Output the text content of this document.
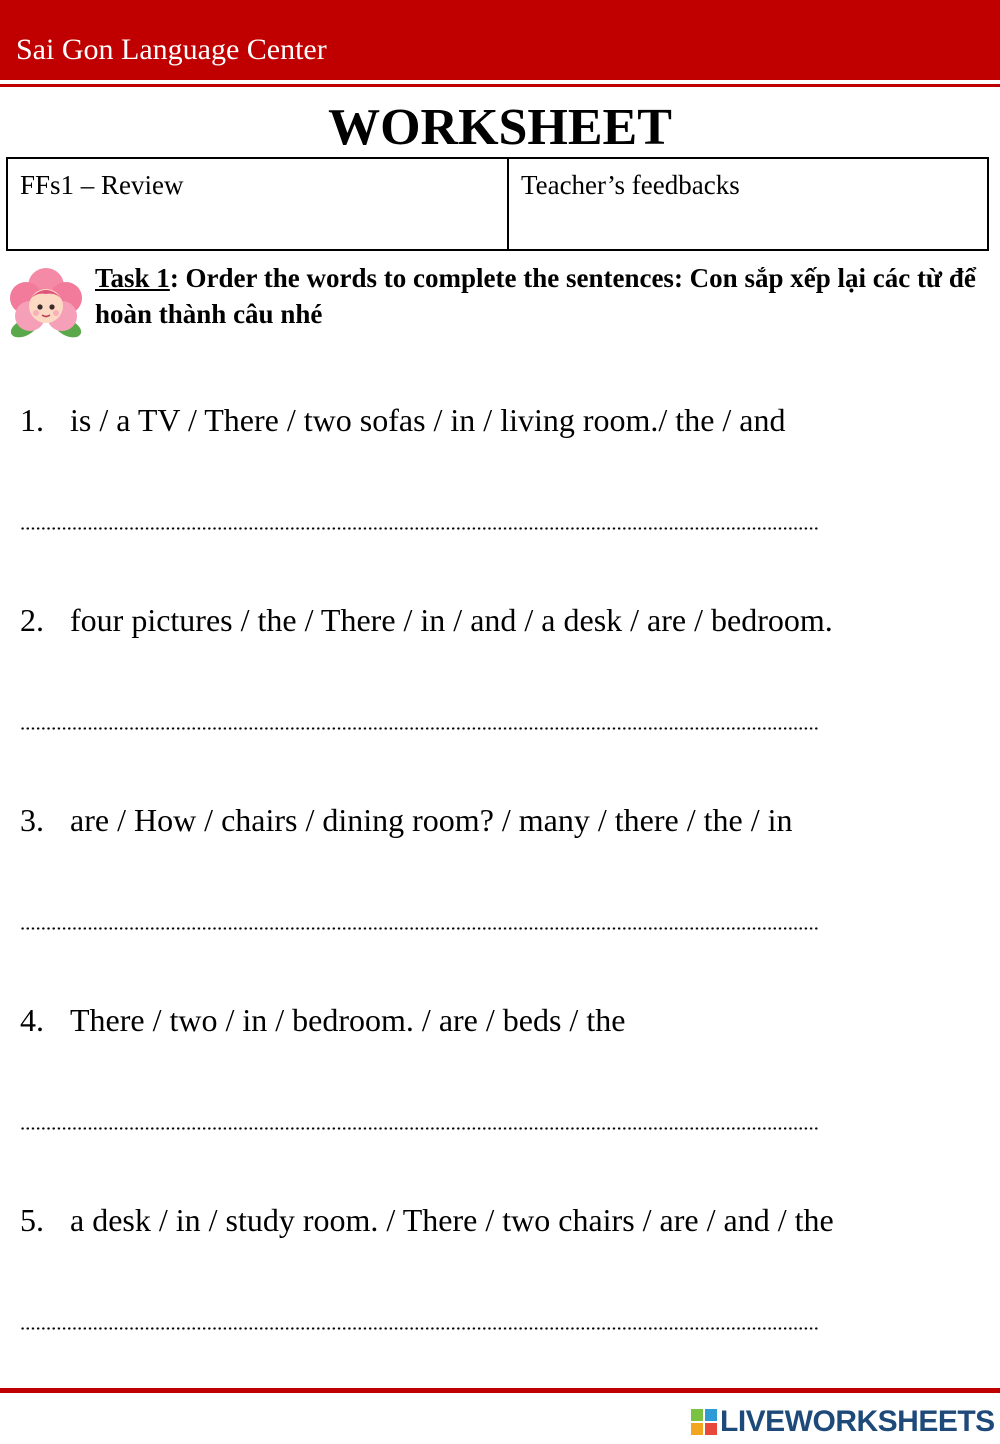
Sai Gon Language Center
WORKSHEET
FFs1 – Review	Teacher’s feedbacks
Task 1: Order the words to complete the sentences: Con sắp xếp lại các từ để hoàn thành câu nhé
1. is / a TV / There / two sofas / in / living room./ the / and
2. four pictures / the / There / in / and / a desk / are / bedroom.
3. are / How / chairs / dining room? / many / there / the / in
4. There / two / in / bedroom. / are / beds / the
5. a desk / in / study room. / There / two chairs / are / and / the
LIVEWORKSHEETS
